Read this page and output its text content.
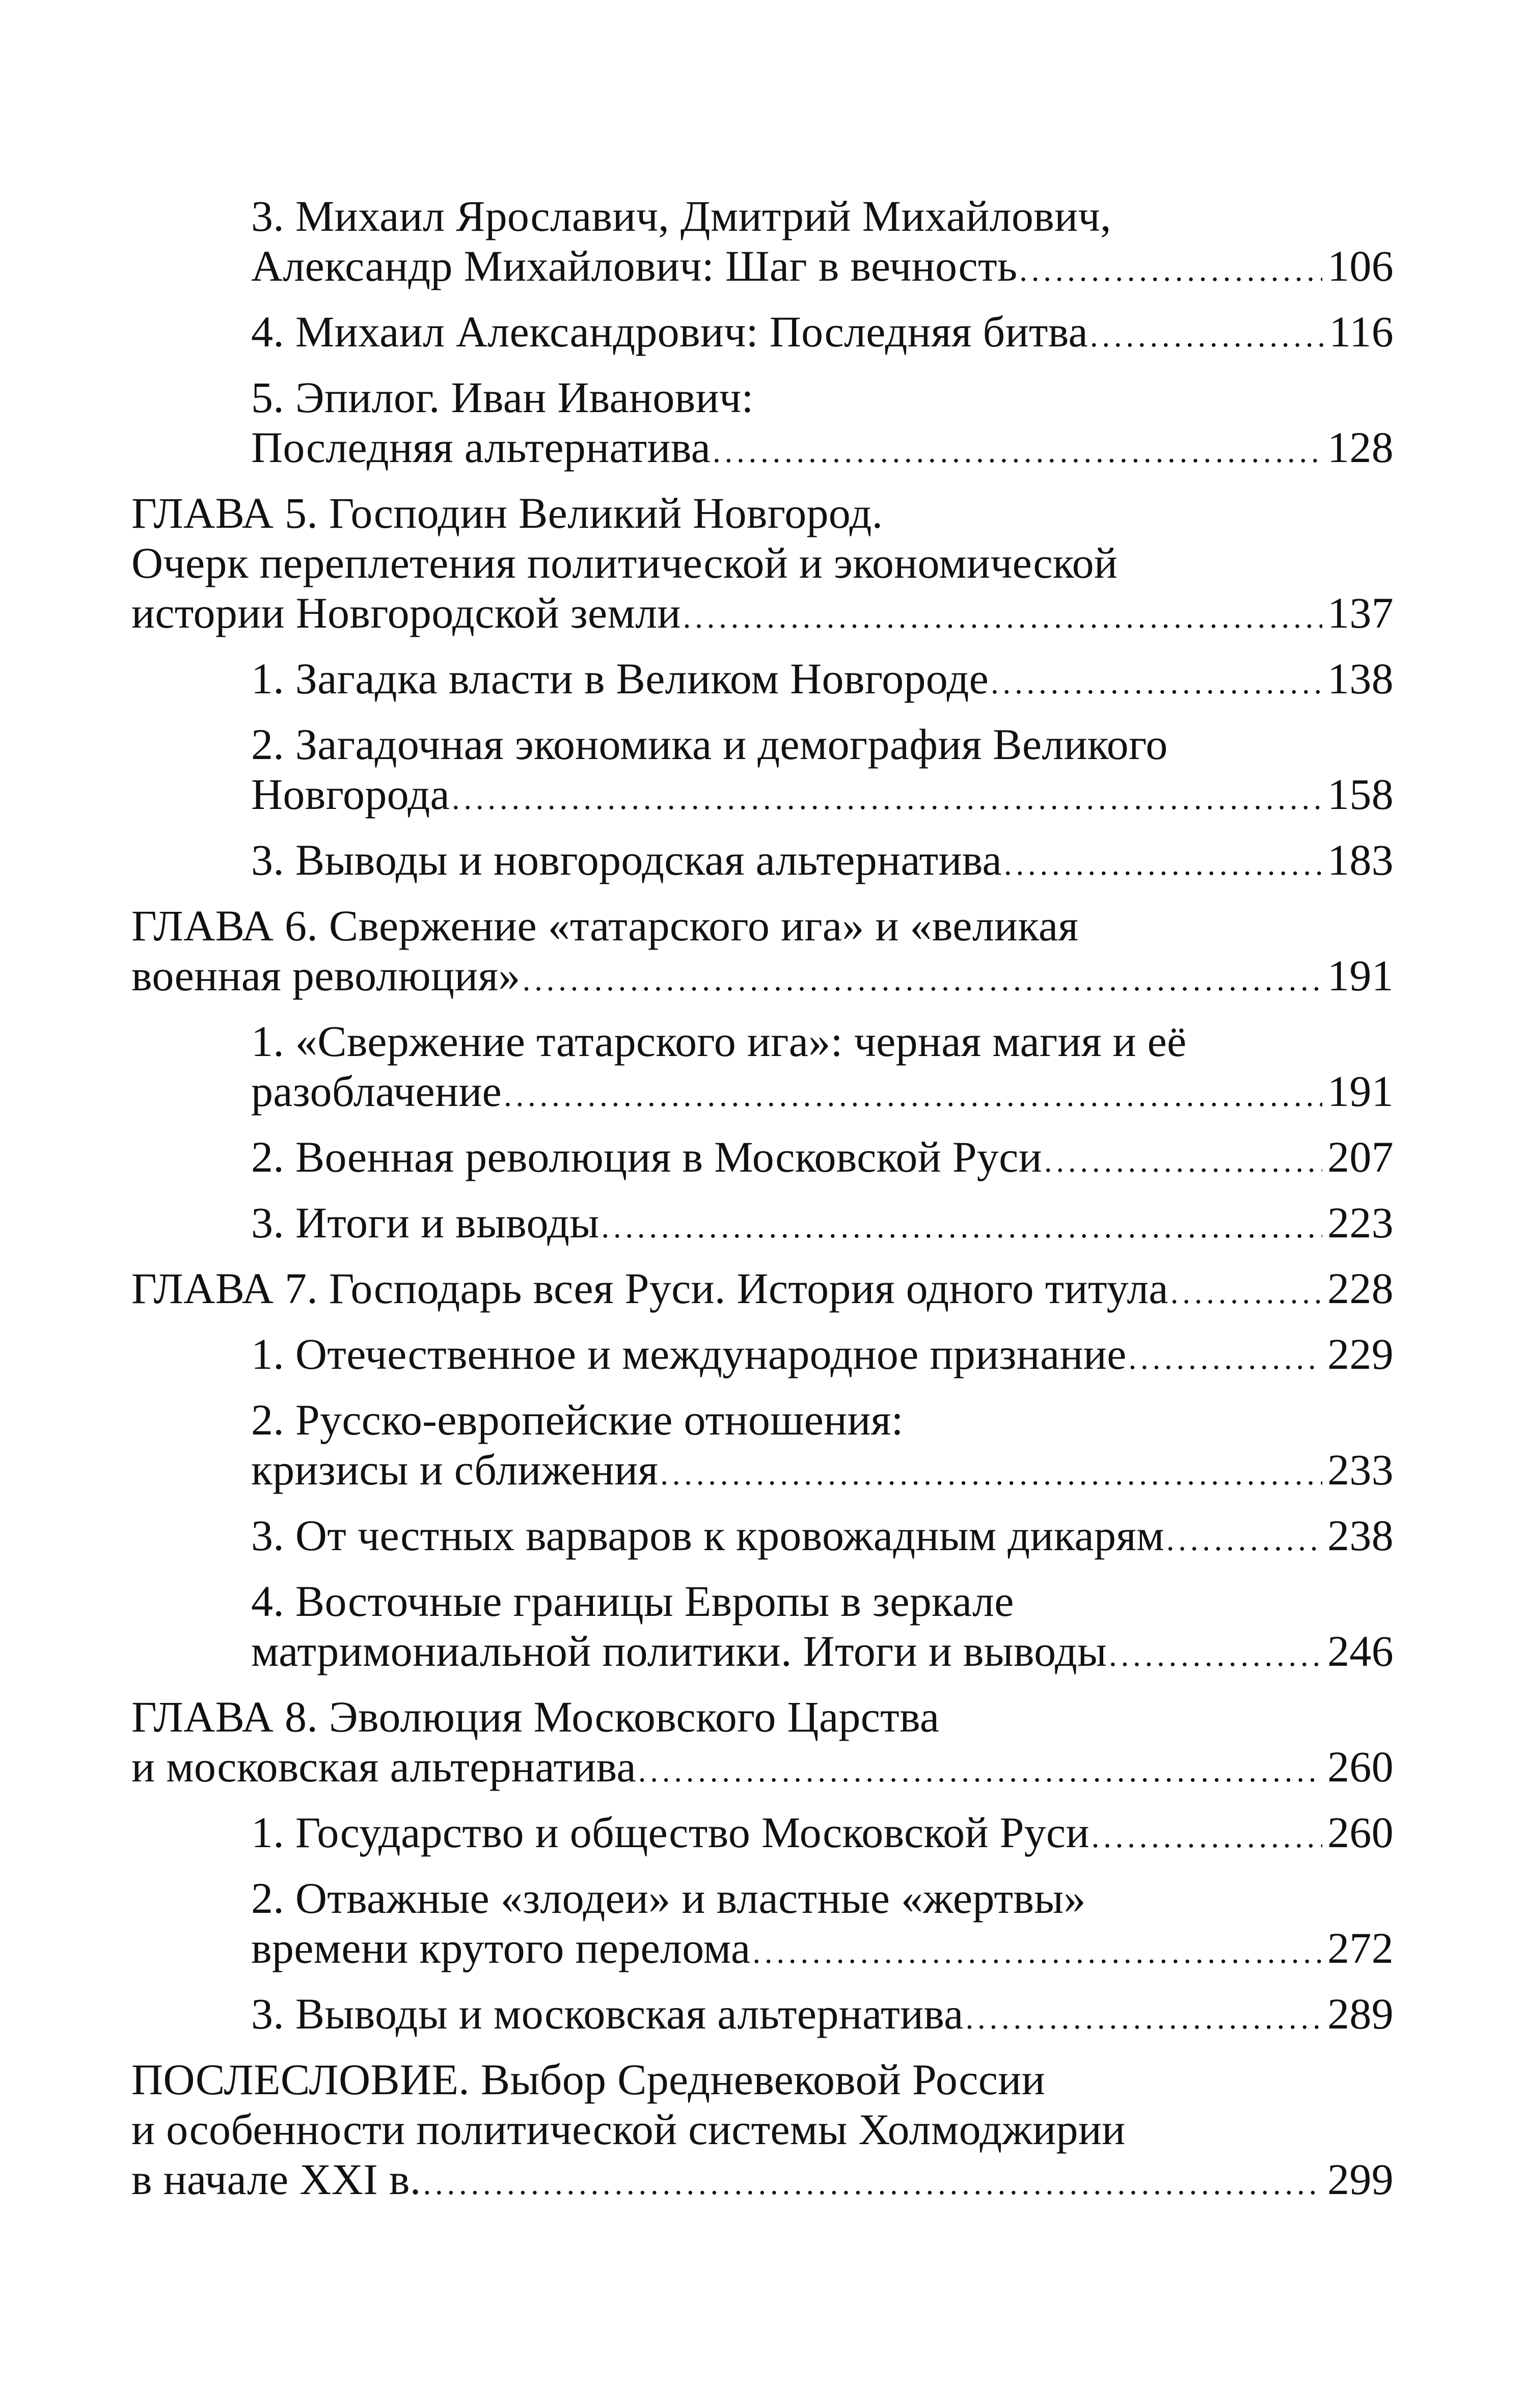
3. Михаил Ярославич, Дмитрий Михайлович,
Александр Михайлович: Шаг в вечность .....	106
4. Михаил Александрович: Последняя битва .....	116
5. Эпилог. Иван Иванович:
Последняя альтернатива .....	128
ГЛАВА 5. Господин Великий Новгород.
Очерк переплетения политической и экономической
истории Новгородской земли .....	137
1. Загадка власти в Великом Новгороде .....	138
2. Загадочная экономика и демография Великого
Новгорода .....	158
3. Выводы и новгородская альтернатива .....	183
ГЛАВА 6. Свержение «татарского ига» и «великая
военная революция» .....	191
1. «Свержение татарского ига»: черная магия и её
разоблачение .....	191
2. Военная революция в Московской Руси .....	207
3. Итоги и выводы .....	223
ГЛАВА 7. Господарь всея Руси. История одного титула .....	228
1. Отечественное и международное признание .....	229
2. Русско-европейские отношения:
кризисы и сближения .....	233
3. От честных варваров к кровожадным дикарям .....	238
4. Восточные границы Европы в зеркале
матримониальной политики. Итоги и выводы .....	246
ГЛАВА 8. Эволюция Московского Царства
и московская альтернатива .....	260
1. Государство и общество Московской Руси .....	260
2. Отважные «злодеи» и властные «жертвы»
времени крутого перелома .....	272
3. Выводы и московская альтернатива .....	289
ПОСЛЕСЛОВИЕ. Выбор Средневековой России
и особенности политической системы Холмоджирии
в начале XXI в. .....	299
